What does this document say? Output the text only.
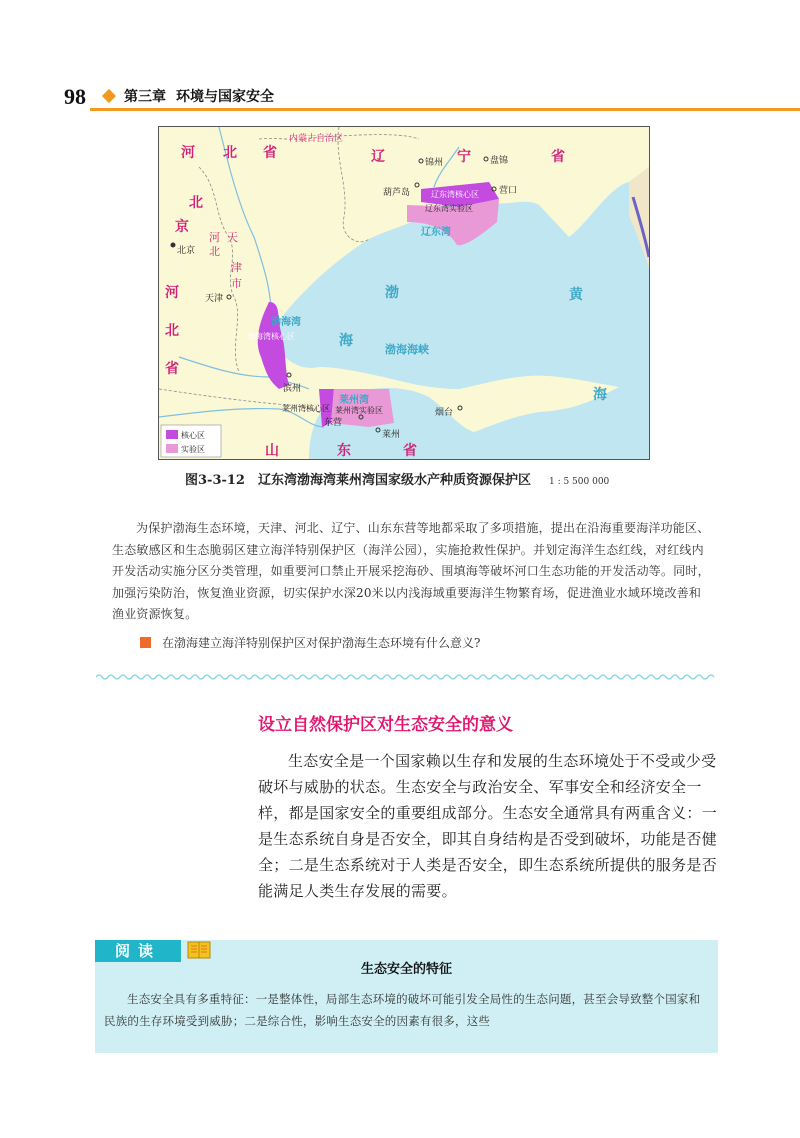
98	第三章 环境与国家安全
内蒙古自治区
河 北 省	辽	宁	省
北
京
北京
河 天
北
津
市
天津
河
北
省
山	东	省
锦州	盘锦
葫芦岛	营口
辽东湾核心区
辽东湾实验区
辽东湾
渤
海
渤海湾
渤海湾核心区
渤海海峡
黄
海
滨州
莱州湾
莱州湾核心区 莱州湾实验区
东营
烟台
莱州
核心区
实验区
图3-3-12　辽东湾渤海湾莱州湾国家级水产种质资源保护区 1 : 5 500 000
为保护渤海生态环境，天津、河北、辽宁、山东东营等地都采取了多项措施，提出在沿海重要海洋功能区、生态敏感区和生态脆弱区建立海洋特别保护区（海洋公园），实施抢救性保护。并划定海洋生态红线，对红线内开发活动实施分区分类管理，如重要河口禁止开展采挖海砂、围填海等破坏河口生态功能的开发活动等。同时，加强污染防治，恢复渔业资源，切实保护水深20米以内浅海域重要海洋生物繁育场，促进渔业水域环境改善和渔业资源恢复。
在渤海建立海洋特别保护区对保护渤海生态环境有什么意义?
设立自然保护区对生态安全的意义
生态安全是一个国家赖以生存和发展的生态环境处于不受或少受破坏与威胁的状态。生态安全与政治安全、军事安全和经济安全一样，都是国家安全的重要组成部分。生态安全通常具有两重含义：一是生态系统自身是否安全，即其自身结构是否受到破坏，功能是否健全；二是生态系统对于人类是否安全，即生态系统所提供的服务是否能满足人类生存发展的需要。
阅读
生态安全的特征
生态安全具有多重特征：一是整体性，局部生态环境的破坏可能引发全局性的生态问题，甚至会导致整个国家和民族的生存环境受到威胁；二是综合性，影响生态安全的因素有很多，这些
